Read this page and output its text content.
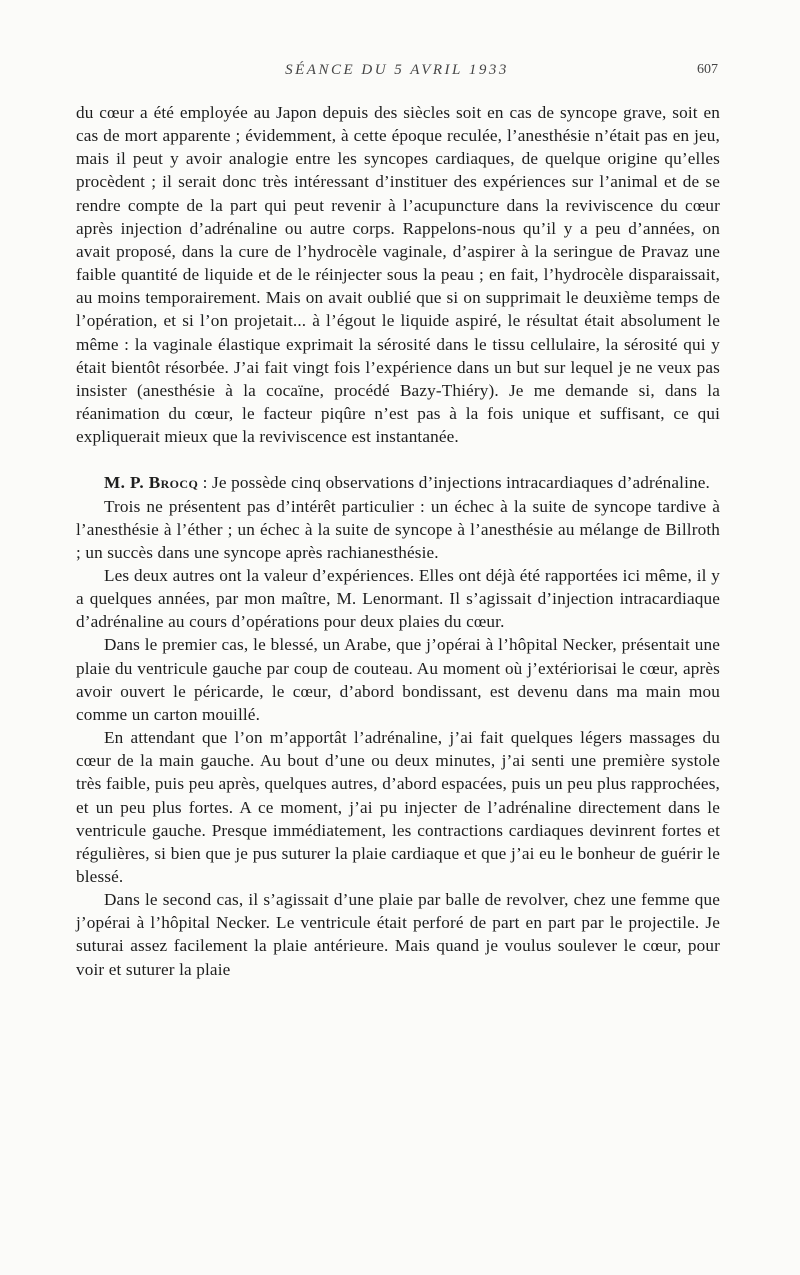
SÉANCE DU 5 AVRIL 1933	607

du cœur a été employée au Japon depuis des siècles soit en cas de syncope grave, soit en cas de mort apparente ; évidemment, à cette époque reculée, l’anesthésie n’était pas en jeu, mais il peut y avoir analogie entre les syncopes cardiaques, de quelque origine qu’elles procèdent ; il serait donc très intéressant d’instituer des expériences sur l’animal et de se rendre compte de la part qui peut revenir à l’acupuncture dans la reviviscence du cœur après injection d’adrénaline ou autre corps. Rappelons-nous qu’il y a peu d’années, on avait proposé, dans la cure de l’hydrocèle vaginale, d’aspirer à la seringue de Pravaz une faible quantité de liquide et de le réinjecter sous la peau ; en fait, l’hydrocèle disparaissait, au moins temporairement. Mais on avait oublié que si on supprimait le deuxième temps de l’opération, et si l’on projetait... à l’égout le liquide aspiré, le résultat était absolument le même : la vaginale élastique exprimait la sérosité dans le tissu cellulaire, la sérosité qui y était bientôt résorbée. J’ai fait vingt fois l’expérience dans un but sur lequel je ne veux pas insister (anesthésie à la cocaïne, procédé Bazy-Thiéry). Je me demande si, dans la réanimation du cœur, le facteur piqûre n’est pas à la fois unique et suffisant, ce qui expliquerait mieux que la reviviscence est instantanée.

M. P. Brocq : Je possède cinq observations d’injections intracardiaques d’adrénaline.

Trois ne présentent pas d’intérêt particulier : un échec à la suite de syncope tardive à l’anesthésie à l’éther ; un échec à la suite de syncope à l’anesthésie au mélange de Billroth ; un succès dans une syncope après rachianesthésie.

Les deux autres ont la valeur d’expériences. Elles ont déjà été rapportées ici même, il y a quelques années, par mon maître, M. Lenormant. Il s’agissait d’injection intracardiaque d’adrénaline au cours d’opérations pour deux plaies du cœur.

Dans le premier cas, le blessé, un Arabe, que j’opérai à l’hôpital Necker, présentait une plaie du ventricule gauche par coup de couteau. Au moment où j’extériorisai le cœur, après avoir ouvert le péricarde, le cœur, d’abord bondissant, est devenu dans ma main mou comme un carton mouillé.

En attendant que l’on m’apportât l’adrénaline, j’ai fait quelques légers massages du cœur de la main gauche. Au bout d’une ou deux minutes, j’ai senti une première systole très faible, puis peu après, quelques autres, d’abord espacées, puis un peu plus rapprochées, et un peu plus fortes. A ce moment, j’ai pu injecter de l’adrénaline directement dans le ventricule gauche. Presque immédiatement, les contractions cardiaques devinrent fortes et régulières, si bien que je pus suturer la plaie cardiaque et que j’ai eu le bonheur de guérir le blessé.

Dans le second cas, il s’agissait d’une plaie par balle de revolver, chez une femme que j’opérai à l’hôpital Necker. Le ventricule était perforé de part en part par le projectile. Je suturai assez facilement la plaie antérieure. Mais quand je voulus soulever le cœur, pour voir et suturer la plaie
